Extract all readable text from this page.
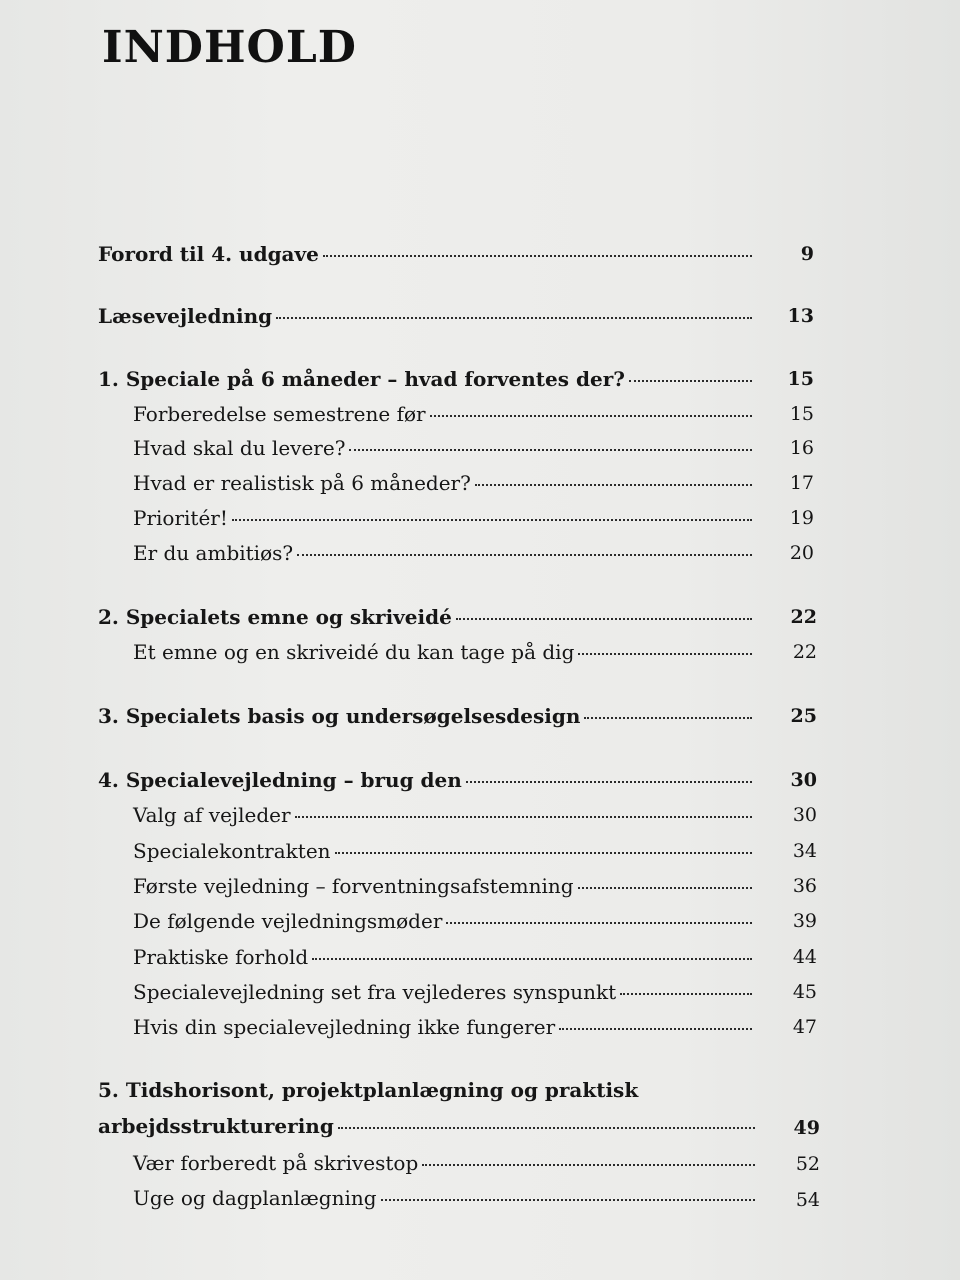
INDHOLD
Forord til 4. udgave	9
Læsevejledning	13
1. Speciale på 6 måneder – hvad forventes der?	15
Forberedelse semestrene før	15
Hvad skal du levere?	16
Hvad er realistisk på 6 måneder?	17
Prioritér!	19
Er du ambitiøs?	20
2. Specialets emne og skriveidé	22
Et emne og en skriveidé du kan tage på dig	22
3. Specialets basis og undersøgelsesdesign	25
4. Specialevejledning – brug den	30
Valg af vejleder	30
Specialekontrakten	34
Første vejledning – forventningsafstemning	36
De følgende vejledningsmøder	39
Praktiske forhold	44
Specialevejledning set fra vejlederes synspunkt	45
Hvis din specialevejledning ikke fungerer	47
5. Tidshorisont, projektplanlægning og praktisk
arbejdsstrukturering	49
Vær forberedt på skrivestop	52
Uge og dagplanlægning	54
